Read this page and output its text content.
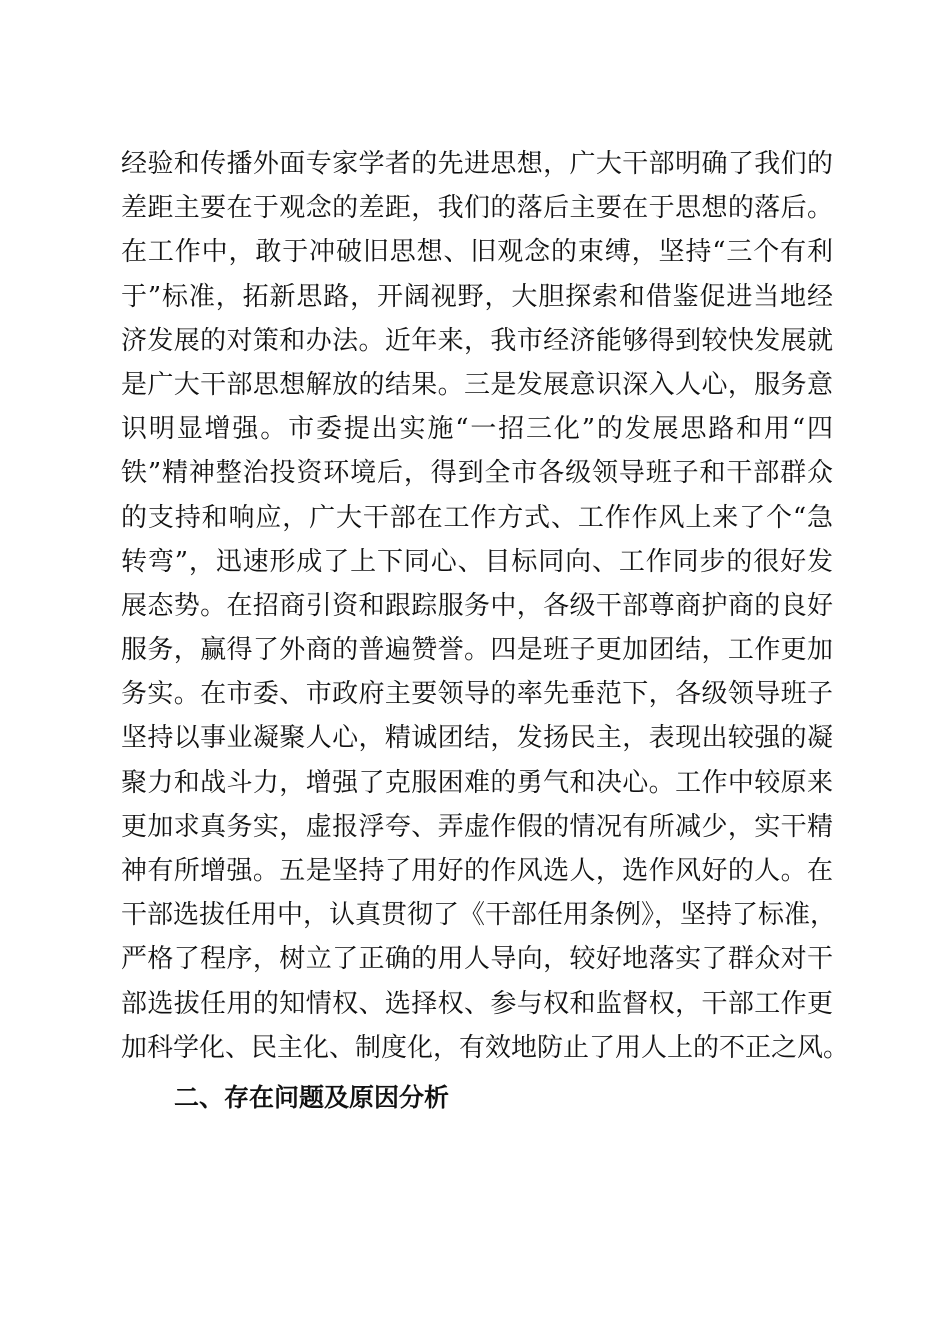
经验和传播外面专家学者的先进思想，广大干部明确了我们的
差距主要在于观念的差距，我们的落后主要在于思想的落后。
在工作中，敢于冲破旧思想、旧观念的束缚，坚持“三个有利
于”标准，拓新思路，开阔视野，大胆探索和借鉴促进当地经
济发展的对策和办法。近年来，我市经济能够得到较快发展就
是广大干部思想解放的结果。三是发展意识深入人心，服务意
识明显增强。市委提出实施“一招三化”的发展思路和用“四
铁”精神整治投资环境后，得到全市各级领导班子和干部群众
的支持和响应，广大干部在工作方式、工作作风上来了个“急
转弯”，迅速形成了上下同心、目标同向、工作同步的很好发
展态势。在招商引资和跟踪服务中，各级干部尊商护商的良好
服务，赢得了外商的普遍赞誉。四是班子更加团结，工作更加
务实。在市委、市政府主要领导的率先垂范下，各级领导班子
坚持以事业凝聚人心，精诚团结，发扬民主，表现出较强的凝
聚力和战斗力，增强了克服困难的勇气和决心。工作中较原来
更加求真务实，虚报浮夸、弄虚作假的情况有所减少，实干精
神有所增强。五是坚持了用好的作风选人，选作风好的人。在
干部选拔任用中，认真贯彻了《干部任用条例》，坚持了标准，
严格了程序，树立了正确的用人导向，较好地落实了群众对干
部选拔任用的知情权、选择权、参与权和监督权，干部工作更
加科学化、民主化、制度化，有效地防止了用人上的不正之风。
二、存在问题及原因分析
